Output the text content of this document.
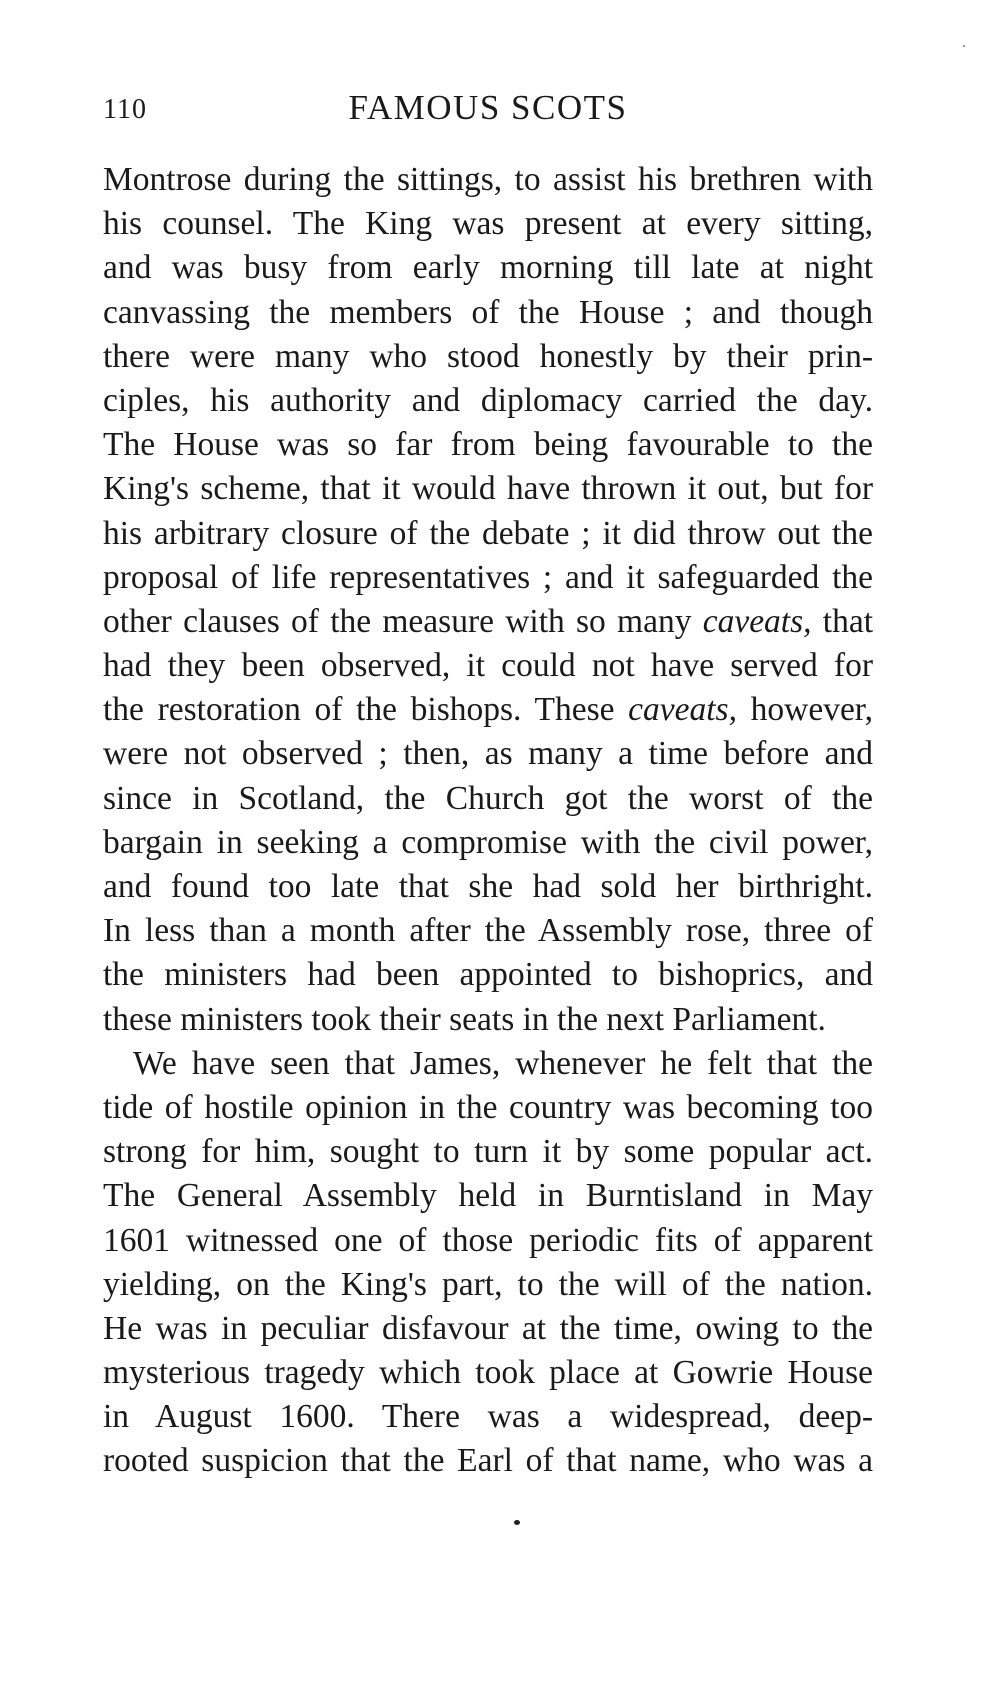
110	FAMOUS SCOTS
Montrose during the sittings, to assist his brethren with
his counsel. The King was present at every sitting,
and was busy from early morning till late at night
canvassing the members of the House ; and though
there were many who stood honestly by their prin-
ciples, his authority and diplomacy carried the day.
The House was so far from being favourable to the
King's scheme, that it would have thrown it out, but for
his arbitrary closure of the debate ; it did throw out the
proposal of life representatives ; and it safeguarded the
other clauses of the measure with so many caveats, that
had they been observed, it could not have served for
the restoration of the bishops. These caveats, however,
were not observed ; then, as many a time before and
since in Scotland, the Church got the worst of the
bargain in seeking a compromise with the civil power,
and found too late that she had sold her birthright.
In less than a month after the Assembly rose, three of
the ministers had been appointed to bishoprics, and
these ministers took their seats in the next Parliament.
We have seen that James, whenever he felt that the
tide of hostile opinion in the country was becoming too
strong for him, sought to turn it by some popular act.
The General Assembly held in Burntisland in May
1601 witnessed one of those periodic fits of apparent
yielding, on the King's part, to the will of the nation.
He was in peculiar disfavour at the time, owing to the
mysterious tragedy which took place at Gowrie House
in August 1600. There was a widespread, deep-
rooted suspicion that the Earl of that name, who was a
